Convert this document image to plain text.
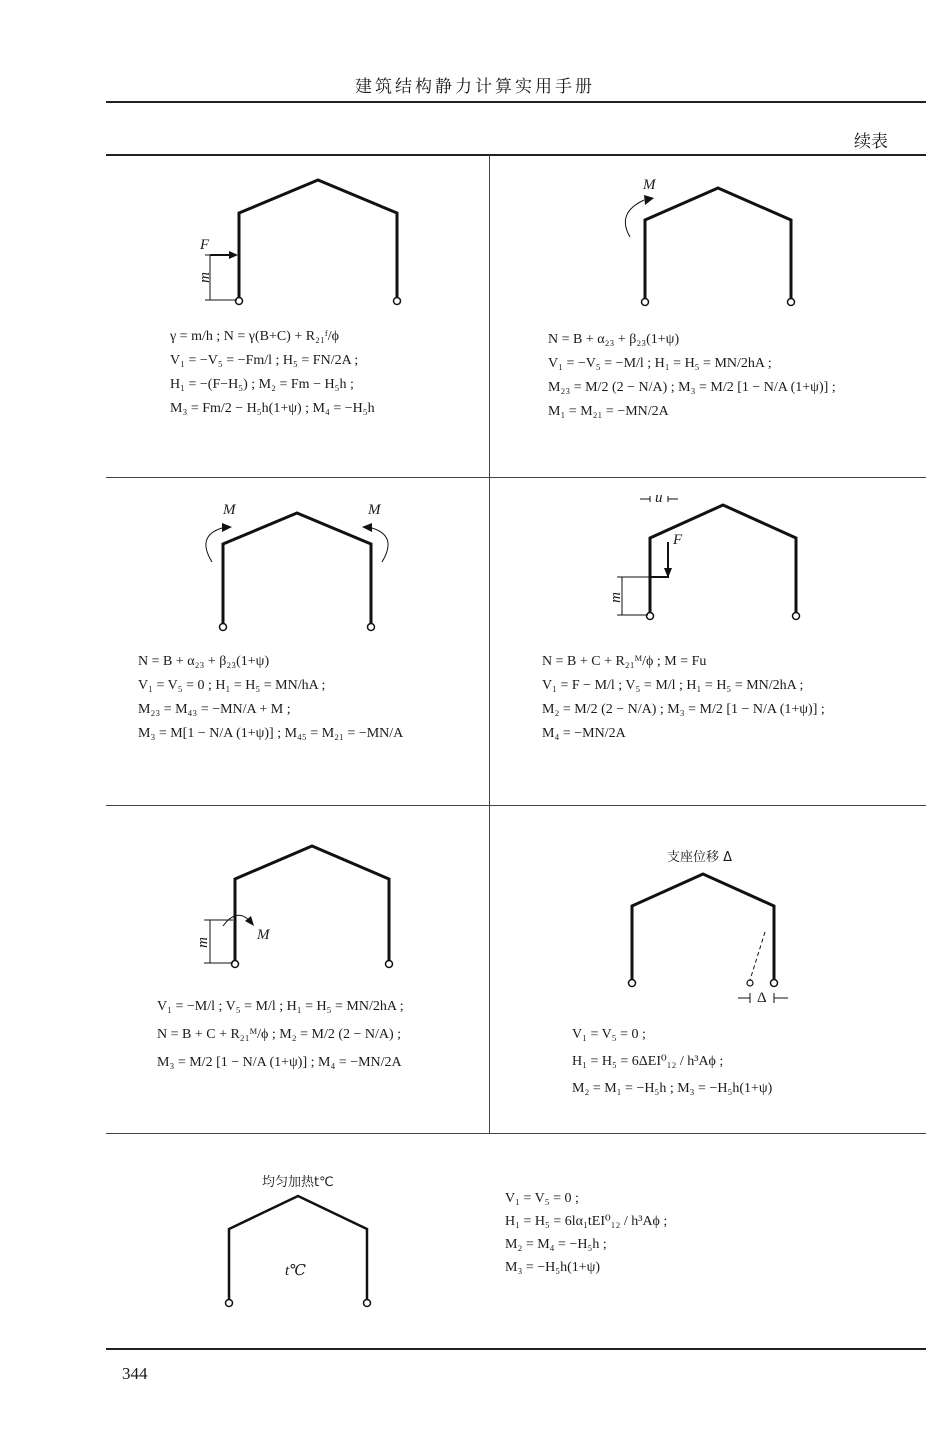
建筑结构静力计算实用手册
续表
F
m
γ = m/h ; N = γ(B+C) + R₂₁ᶠ/ϕ
V₁ = −V₅ = −Fm/l ; H₅ = FN/2A ;
H₁ = −(F−H₅) ; M₂ = Fm − H₅h ;
M₃ = Fm/2 − H₅h(1+ψ) ; M₄ = −H₅h
M
N = B + α₂₃ + β₂₃(1+ψ)
V₁ = −V₅ = −M/l ; H₁ = H₅ = MN/2hA ;
M₂₃ = M/2 (2 − N/A) ; M₃ = M/2 [1 − N/A (1+ψ)] ;
M₁ = M₂₁ = −MN/2A
M	M
N = B + α₂₃ + β₂₃(1+ψ)
V₁ = V₅ = 0 ; H₁ = H₅ = MN/hA ;
M₂₃ = M₄₃ = −MN/A + M ;
M₃ = M[1 − N/A (1+ψ)] ; M₄₅ = M₂₁ = −MN/A
u
F
m
N = B + C + R₂₁ᴹ/ϕ ; M = Fu
V₁ = F − M/l ; V₅ = M/l ; H₁ = H₅ = MN/2hA ;
M₂ = M/2 (2 − N/A) ; M₃ = M/2 [1 − N/A (1+ψ)] ;
M₄ = −MN/2A
m	M
V₁ = −M/l ; V₅ = M/l ; H₁ = H₅ = MN/2hA ;
N = B + C + R₂₁ᴹ/ϕ ; M₂ = M/2 (2 − N/A) ;
M₃ = M/2 [1 − N/A (1+ψ)] ; M₄ = −MN/2A
支座位移 Δ
Δ
V₁ = V₅ = 0 ;
H₁ = H₅ = 6ΔEI⁰₁₂ / h³Aϕ ;
M₂ = M₁ = −H₅h ; M₃ = −H₅h(1+ψ)
均匀加热t℃
t℃
V₁ = V₅ = 0 ;
H₁ = H₅ = 6lα₁tEI⁰₁₂ / h³Aϕ ;
M₂ = M₄ = −H₅h ;
M₃ = −H₅h(1+ψ)
344
